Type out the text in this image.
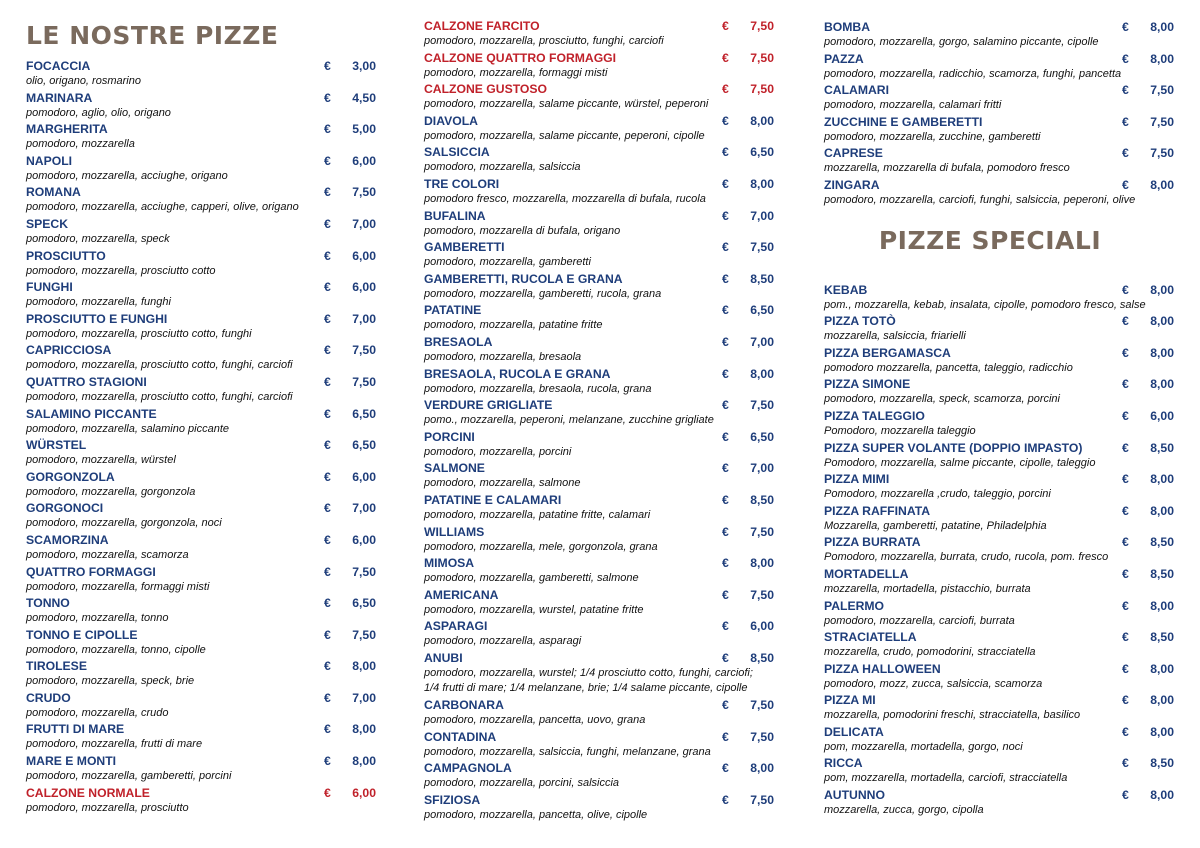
LE NOSTRE PIZZE
FOCACCIA	€	3,00
olio, origano, rosmarino
MARINARA	€	4,50
pomodoro, aglio, olio, origano
MARGHERITA	€	5,00
pomodoro, mozzarella
NAPOLI	€	6,00
pomodoro, mozzarella, acciughe, origano
ROMANA	€	7,50
pomodoro, mozzarella, acciughe, capperi, olive, origano
SPECK	€	7,00
pomodoro, mozzarella, speck
PROSCIUTTO	€	6,00
pomodoro, mozzarella, prosciutto cotto
FUNGHI	€	6,00
pomodoro, mozzarella, funghi
PROSCIUTTO E FUNGHI	€	7,00
pomodoro, mozzarella, prosciutto cotto, funghi
CAPRICCIOSA	€	7,50
pomodoro, mozzarella, prosciutto cotto, funghi, carciofi
QUATTRO STAGIONI	€	7,50
pomodoro, mozzarella, prosciutto cotto, funghi, carciofi
SALAMINO PICCANTE	€	6,50
pomodoro, mozzarella, salamino piccante
WÜRSTEL	€	6,50
pomodoro, mozzarella, würstel
GORGONZOLA	€	6,00
pomodoro, mozzarella, gorgonzola
GORGONOCI	€	7,00
pomodoro, mozzarella, gorgonzola, noci
SCAMORZINA	€	6,00
pomodoro, mozzarella, scamorza
QUATTRO FORMAGGI	€	7,50
pomodoro, mozzarella, formaggi misti
TONNO	€	6,50
pomodoro, mozzarella, tonno
TONNO E CIPOLLE	€	7,50
pomodoro, mozzarella, tonno, cipolle
TIROLESE	€	8,00
pomodoro, mozzarella, speck, brie
CRUDO	€	7,00
pomodoro, mozzarella, crudo
FRUTTI DI MARE	€	8,00
pomodoro, mozzarella, frutti di mare
MARE E MONTI	€	8,00
pomodoro, mozzarella, gamberetti, porcini
CALZONE NORMALE	€	6,00
pomodoro, mozzarella, prosciutto
CALZONE FARCITO	€	7,50
pomodoro, mozzarella, prosciutto, funghi, carciofi
CALZONE QUATTRO FORMAGGI	€	7,50
pomodoro, mozzarella, formaggi misti
CALZONE GUSTOSO	€	7,50
pomodoro, mozzarella, salame piccante, würstel, peperoni
DIAVOLA	€	8,00
pomodoro, mozzarella, salame piccante, peperoni, cipolle
SALSICCIA	€	6,50
pomodoro, mozzarella, salsiccia
TRE COLORI	€	8,00
pomodoro fresco, mozzarella, mozzarella di bufala, rucola
BUFALINA	€	7,00
pomodoro, mozzarella di bufala, origano
GAMBERETTI	€	7,50
pomodoro, mozzarella, gamberetti
GAMBERETTI, RUCOLA E GRANA	€	8,50
pomodoro, mozzarella, gamberetti, rucola, grana
PATATINE	€	6,50
pomodoro, mozzarella, patatine fritte
BRESAOLA	€	7,00
pomodoro, mozzarella, bresaola
BRESAOLA, RUCOLA E GRANA	€	8,00
pomodoro, mozzarella, bresaola, rucola, grana
VERDURE GRIGLIATE	€	7,50
pomo., mozzarella, peperoni, melanzane, zucchine grigliate
PORCINI	€	6,50
pomodoro, mozzarella, porcini
SALMONE	€	7,00
pomodoro, mozzarella, salmone
PATATINE E CALAMARI	€	8,50
pomodoro, mozzarella, patatine fritte, calamari
WILLIAMS	€	7,50
pomodoro, mozzarella, mele, gorgonzola, grana
MIMOSA	€	8,00
pomodoro, mozzarella, gamberetti, salmone
AMERICANA	€	7,50
pomodoro, mozzarella, wurstel, patatine fritte
ASPARAGI	€	6,00
pomodoro, mozzarella, asparagi
ANUBI	€	8,50
pomodoro, mozzarella, wurstel; 1/4 prosciutto cotto, funghi, carciofi;
1/4 frutti di mare; 1/4 melanzane, brie; 1/4 salame piccante, cipolle
CARBONARA	€	7,50
pomodoro, mozzarella, pancetta, uovo, grana
CONTADINA	€	7,50
pomodoro, mozzarella, salsiccia, funghi, melanzane, grana
CAMPAGNOLA	€	8,00
pomodoro, mozzarella, porcini, salsiccia
SFIZIOSA	€	7,50
pomodoro, mozzarella, pancetta, olive, cipolle
BOMBA	€	8,00
pomodoro, mozzarella, gorgo, salamino piccante, cipolle
PAZZA	€	8,00
pomodoro, mozzarella, radicchio, scamorza, funghi, pancetta
CALAMARI	€	7,50
pomodoro, mozzarella, calamari fritti
ZUCCHINE E GAMBERETTI	€	7,50
pomodoro, mozzarella, zucchine, gamberetti
CAPRESE	€	7,50
mozzarella, mozzarella di bufala, pomodoro fresco
ZINGARA	€	8,00
pomodoro, mozzarella, carciofi, funghi, salsiccia, peperoni, olive
PIZZE SPECIALI
KEBAB	€	8,00
pom., mozzarella, kebab, insalata, cipolle, pomodoro fresco, salse
PIZZA TOTÒ	€	8,00
mozzarella, salsiccia, friarielli
PIZZA BERGAMASCA	€	8,00
pomodoro mozzarella, pancetta, taleggio, radicchio
PIZZA SIMONE	€	8,00
pomodoro, mozzarella, speck, scamorza, porcini
PIZZA TALEGGIO	€	6,00
Pomodoro, mozzarella taleggio
PIZZA SUPER VOLANTE (DOPPIO IMPASTO)	€	8,50
Pomodoro, mozzarella, salme piccante, cipolle, taleggio
PIZZA MIMI	€	8,00
Pomodoro, mozzarella ,crudo, taleggio, porcini
PIZZA RAFFINATA	€	8,00
Mozzarella, gamberetti, patatine, Philadelphia
PIZZA BURRATA	€	8,50
Pomodoro, mozzarella, burrata, crudo, rucola, pom. fresco
MORTADELLA	€	8,50
mozzarella, mortadella, pistacchio, burrata
PALERMO	€	8,00
pomodoro, mozzarella, carciofi, burrata
STRACIATELLA	€	8,50
mozzarella, crudo, pomodorini, stracciatella
PIZZA HALLOWEEN	€	8,00
pomodoro, mozz, zucca, salsiccia, scamorza
PIZZA MI	€	8,00
mozzarella, pomodorini freschi, stracciatella, basilico
DELICATA	€	8,00
pom, mozzarella, mortadella, gorgo, noci
RICCA	€	8,50
pom, mozzarella, mortadella, carciofi, stracciatella
AUTUNNO	€	8,00
mozzarella, zucca, gorgo, cipolla
